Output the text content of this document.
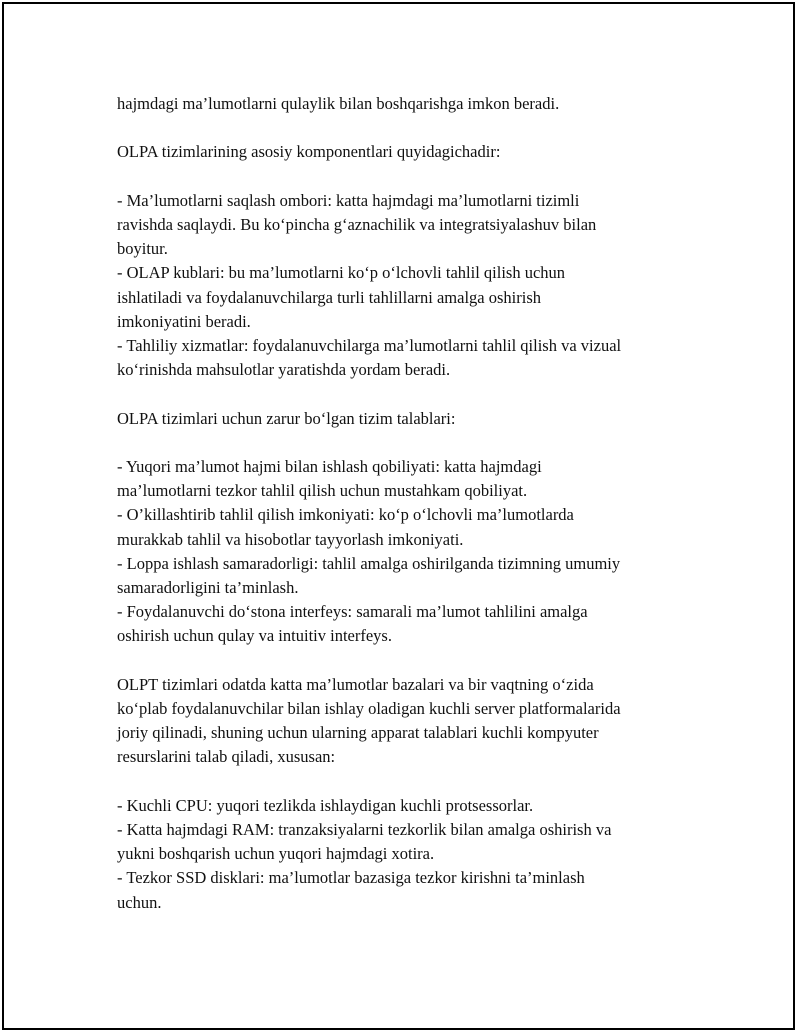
hajmdagi ma’lumotlarni qulaylik bilan boshqarishga imkon beradi.

OLPA tizimlarining asosiy komponentlari quyidagichadir:

- Ma’lumotlarni saqlash ombori: katta hajmdagi ma’lumotlarni tizimli

ravishda saqlaydi. Bu ko‘pincha g‘aznachilik va integratsiyalashuv bilan

boyitur.

- OLAP kublari: bu ma’lumotlarni ko‘p o‘lchovli tahlil qilish uchun

ishlatiladi va foydalanuvchilarga turli tahlillarni amalga oshirish

imkoniyatini beradi.

- Tahliliy xizmatlar: foydalanuvchilarga ma’lumotlarni tahlil qilish va vizual

ko‘rinishda mahsulotlar yaratishda yordam beradi.

OLPA tizimlari uchun zarur bo‘lgan tizim talablari:

- Yuqori ma’lumot hajmi bilan ishlash qobiliyati: katta hajmdagi

ma’lumotlarni tezkor tahlil qilish uchun mustahkam qobiliyat.

- O’killashtirib tahlil qilish imkoniyati: ko‘p o‘lchovli ma’lumotlarda

murakkab tahlil va hisobotlar tayyorlash imkoniyati.

- Loppa ishlash samaradorligi: tahlil amalga oshirilganda tizimning umumiy

samaradorligini ta’minlash.

- Foydalanuvchi do‘stona interfeys: samarali ma’lumot tahlilini amalga

oshirish uchun qulay va intuitiv interfeys.

OLPT tizimlari odatda katta ma’lumotlar bazalari va bir vaqtning o‘zida

ko‘plab foydalanuvchilar bilan ishlay oladigan kuchli server platformalarida

joriy qilinadi, shuning uchun ularning apparat talablari kuchli kompyuter

resurslarini talab qiladi, xususan:

- Kuchli CPU: yuqori tezlikda ishlaydigan kuchli protsessorlar.

- Katta hajmdagi RAM: tranzaksiyalarni tezkorlik bilan amalga oshirish va

yukni boshqarish uchun yuqori hajmdagi xotira.

- Tezkor SSD disklari: ma’lumotlar bazasiga tezkor kirishni ta’minlash

uchun.
